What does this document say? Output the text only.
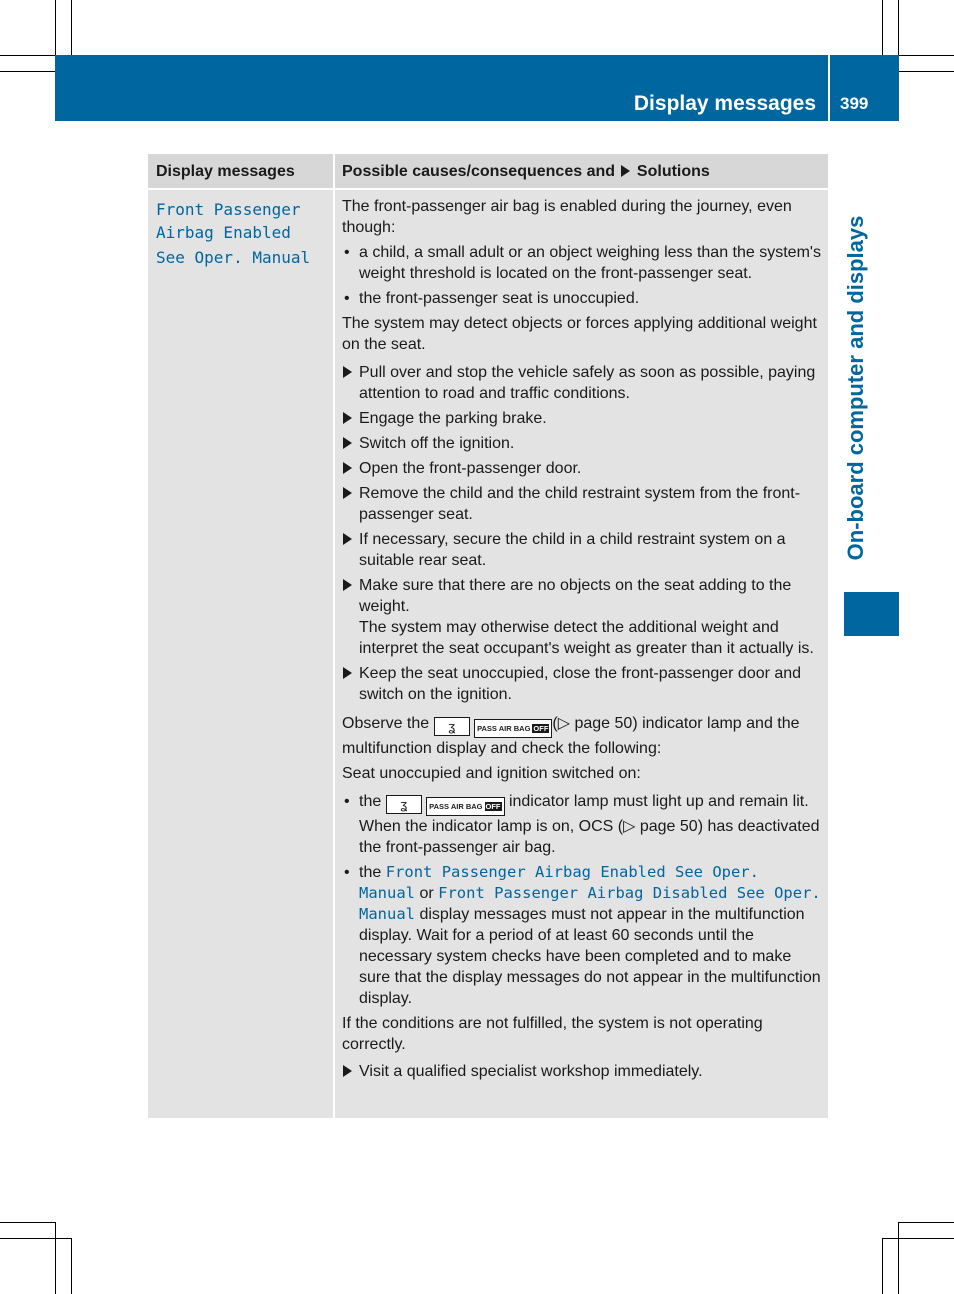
Display messages 399
On-board computer and displays
Display messages	Possible causes/consequences and Solutions
Front Passenger
Airbag Enabled
See Oper. Manual

The front-passenger air bag is enabled during the journey, even though:

• a child, a small adult or an object weighing less than the system's weight threshold is located on the front-passenger seat.
• the front-passenger seat is unoccupied.

The system may detect objects or forces applying additional weight on the seat.

Pull over and stop the vehicle safely as soon as possible, paying attention to road and traffic conditions.
Engage the parking brake.
Switch off the ignition.
Open the front-passenger door.
Remove the child and the child restraint system from the front-passenger seat.
If necessary, secure the child in a child restraint system on a suitable rear seat.
Make sure that there are no objects on the seat adding to the weight.
The system may otherwise detect the additional weight and interpret the seat occupant's weight as greater than it actually is.
Keep the seat unoccupied, close the front-passenger door and switch on the ignition.

Observe the ʓ	PASS AIR BAG OFF (▷ page 50) indicator lamp and the multifunction display and check the following:

Seat unoccupied and ignition switched on:

• the ʓ	PASS AIR BAG OFF indicator lamp must light up and remain lit. When the indicator lamp is on, OCS (▷ page 50) has deactivated the front-passenger air bag.
• the Front Passenger Airbag Enabled See Oper. Manual or Front Passenger Airbag Disabled See Oper. Manual display messages must not appear in the multifunction display. Wait for a period of at least 60 seconds until the necessary system checks have been completed and to make sure that the display messages do not appear in the multifunction display.

If the conditions are not fulfilled, the system is not operating correctly.

Visit a qualified specialist workshop immediately.
